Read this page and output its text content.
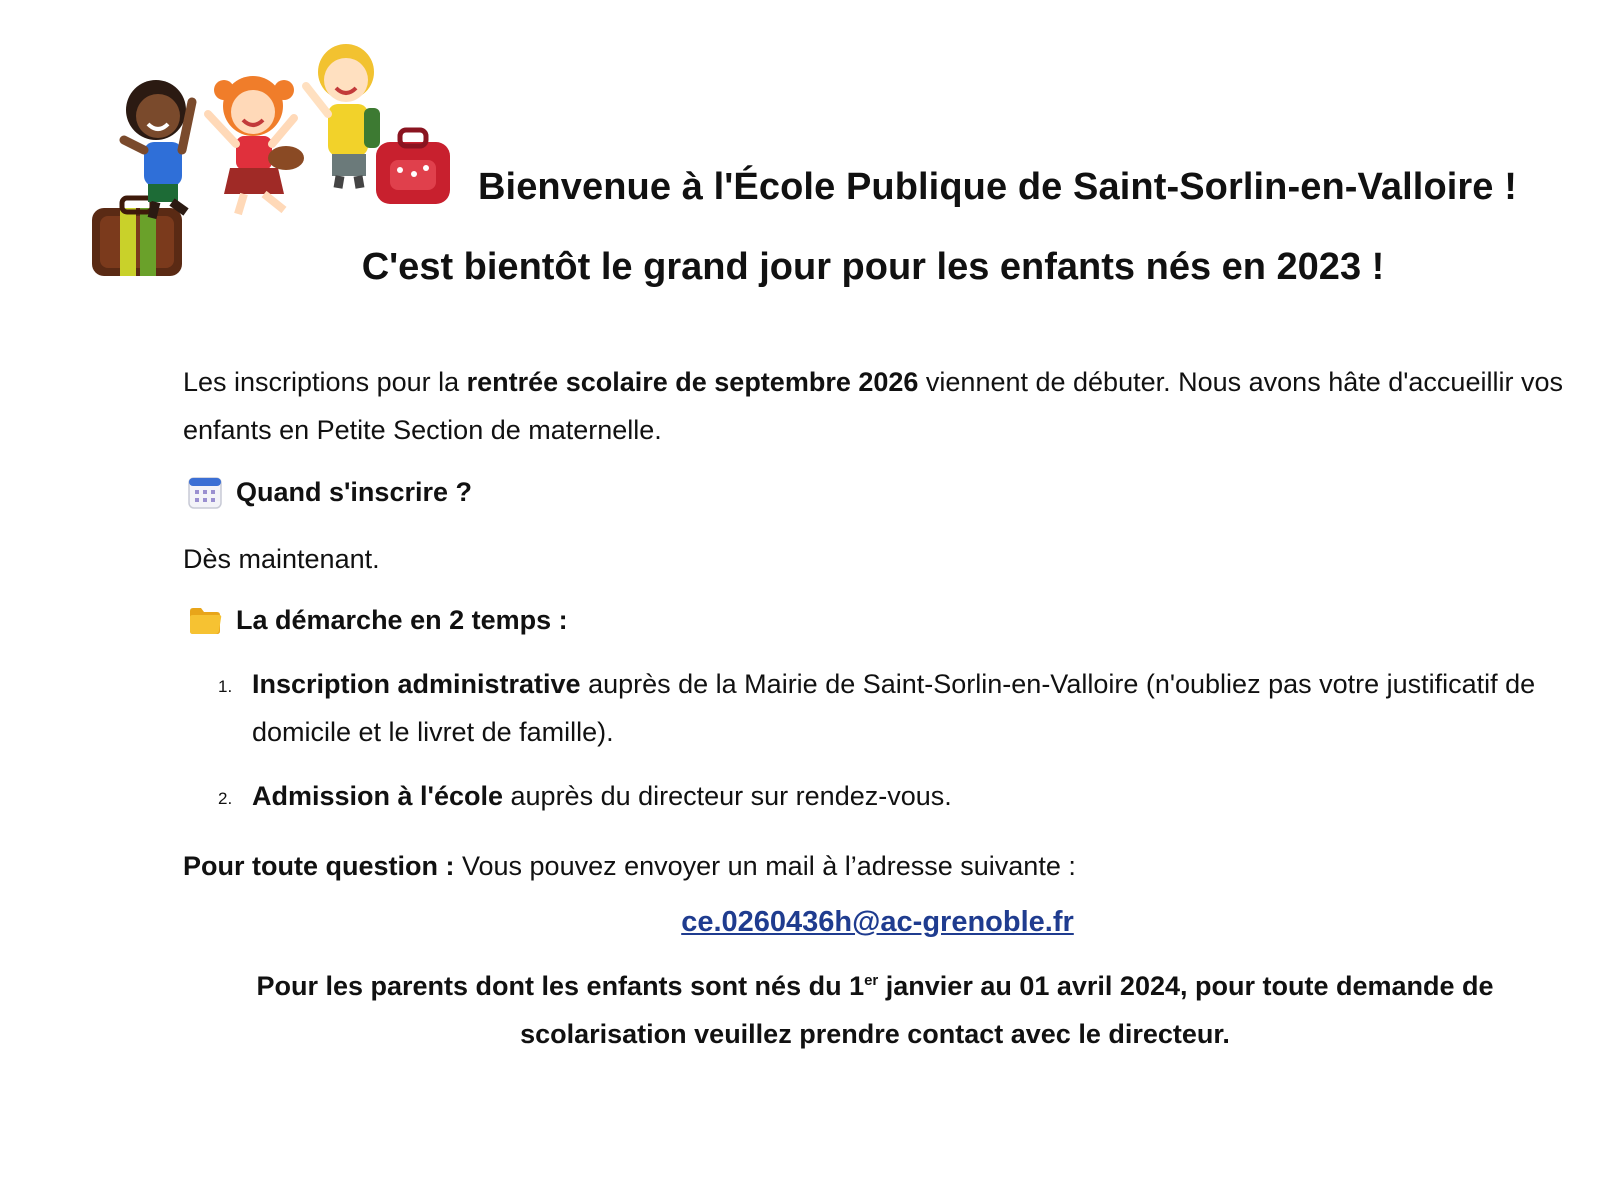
Bienvenue à l'École Publique de Saint-Sorlin-en-Valloire !
C'est bientôt le grand jour pour les enfants nés en 2023 !
Les inscriptions pour la rentrée scolaire de septembre 2026 viennent de débuter. Nous avons hâte d'accueillir vos enfants en Petite Section de maternelle.
Quand s'inscrire ?
Dès maintenant.
La démarche en 2 temps :
1. Inscription administrative auprès de la Mairie de Saint-Sorlin-en-Valloire (n'oubliez pas votre justificatif de domicile et le livret de famille).
2. Admission à l'école auprès du directeur sur rendez-vous.
Pour toute question : Vous pouvez envoyer un mail à l’adresse suivante :
ce.0260436h@ac-grenoble.fr
Pour les parents dont les enfants sont nés du 1er janvier au 01 avril 2024, pour toute demande de scolarisation veuillez prendre contact avec le directeur.
